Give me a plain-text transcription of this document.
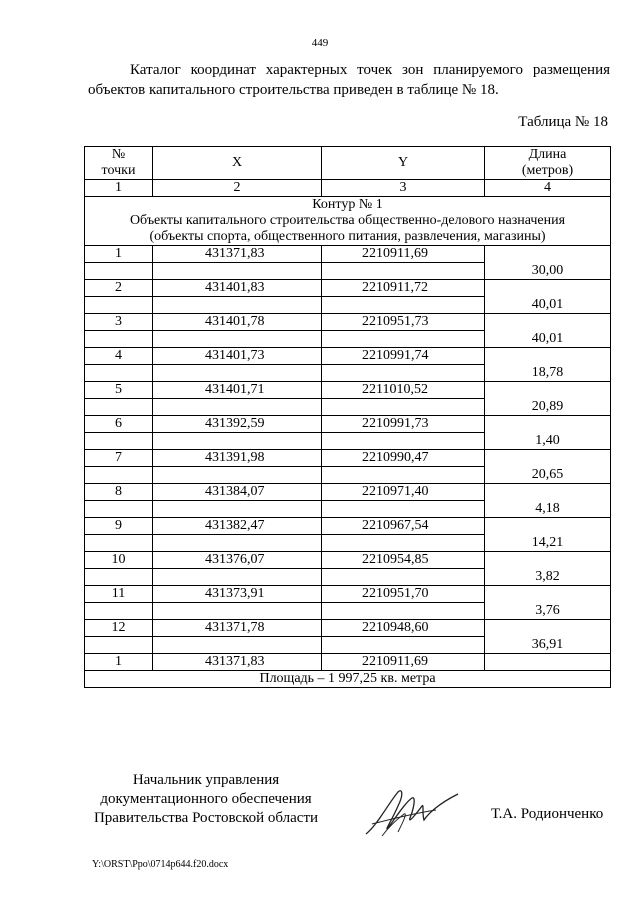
449
Каталог координат характерных точек зон планируемого размещения объектов капитального строительства приведен в таблице № 18.
Таблица № 18
№
точки	X	Y	Длина
(метров)
1	2	3	4

Контур № 1
Объекты капитального строительства общественно-делового назначения
(объекты спорта, общественного питания, развлечения, магазины)			

1	431371,83	2210911,69	
			30,00
2	431401,83	2210911,72	
			40,01
3	431401,78	2210951,73	
			40,01
4	431401,73	2210991,74	
			18,78
5	431401,71	2211010,52	
			20,89
6	431392,59	2210991,73	
			1,40
7	431391,98	2210990,47	
			20,65
8	431384,07	2210971,40	
			4,18
9	431382,47	2210967,54	
			14,21
10	431376,07	2210954,85	
			3,82
11	431373,91	2210951,70	
			3,76
12	431371,78	2210948,60	
			36,91
1	431371,83	2210911,69	
Площадь – 1 997,25 кв. метра			
Начальник управления
документационного обеспечения
Правительства Ростовской области	Т.А. Родионченко
Y:\ORST\Ppo\0714p644.f20.docx
